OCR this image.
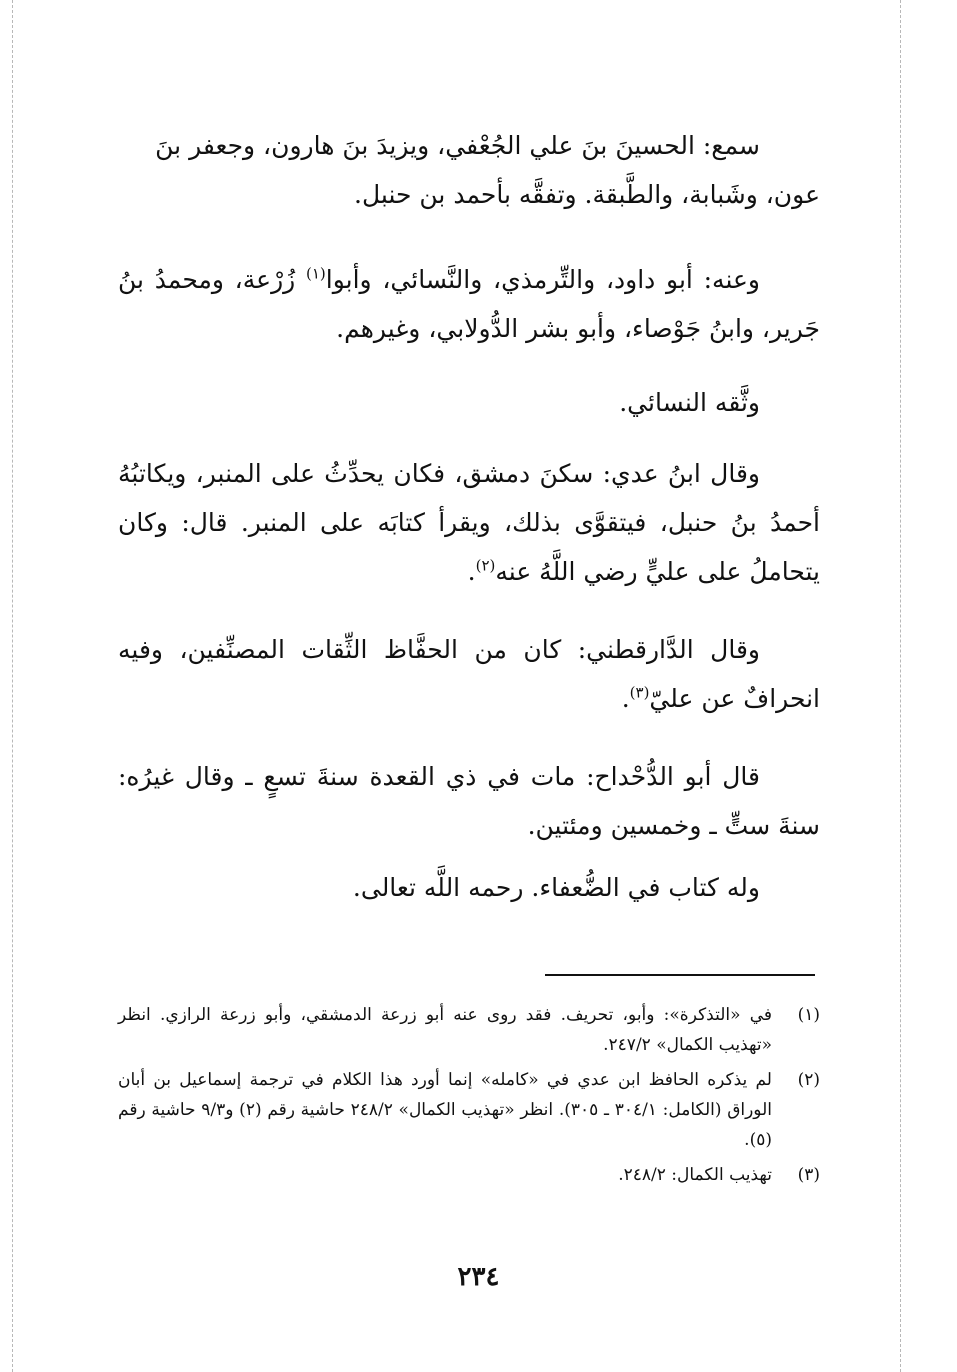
سمع: الحسينَ بنَ علي الجُعْفي، ويزيدَ بنَ هارون، وجعفر بنَ

عون، وشَبابة، والطَّبقة. وتفقَّه بأحمد بن حنبل.

وعنه: أبو داود، والتِّرمذي، والنَّسائي، وأبوا$^{(١)}$ زُرْعة، ومحمدُ بنُ جَرير، وابنُ جَوْصاء، وأبو بشر الدُّولابي، وغيرهم.

وثَّقه النسائي.

وقال ابنُ عدي: سكنَ دمشق، فكان يحدِّثُ على المنبر، ويكاتبُهُ أحمدُ بنُ حنبل، فيتقوَّى بذلك، ويقرأ كتابَه على المنبر. قال: وكان يتحاملُ على عليٍّ رضي اللَّهُ عنه$^{(٢)}$.

وقال الدَّارقطني: كان من الحفَّاظ الثِّقات المصنِّفين، وفيه انحرافٌ عن عليّ$^{(٣)}$.

قال أبو الدُّحْداح: مات في ذي القعدة سنةَ تسعٍ ـ وقال غيرُه: سنةَ ستٍّ ـ وخمسين ومئتين.

وله كتاب في الضُّعفاء. رحمه اللَّه تعالى.

(١)
في «التذكرة»: وأبو، تحريف. فقد روى عنه أبو زرعة الدمشقي، وأبو زرعة الرازي. انظر «تهذيب الكمال» ٢٤٧/٢.

(٢)
لم يذكره الحافظ ابن عدي في «كامله» إنما أورد هذا الكلام في ترجمة إسماعيل بن أبان الوراق (الكامل: ٣٠٤/١ ـ ٣٠٥). انظر «تهذيب الكمال» ٢٤٨/٢ حاشية رقم (٢) و٩/٣ حاشية رقم (٥).

(٣)
تهذيب الكمال: ٢٤٨/٢.

٢٣٤
